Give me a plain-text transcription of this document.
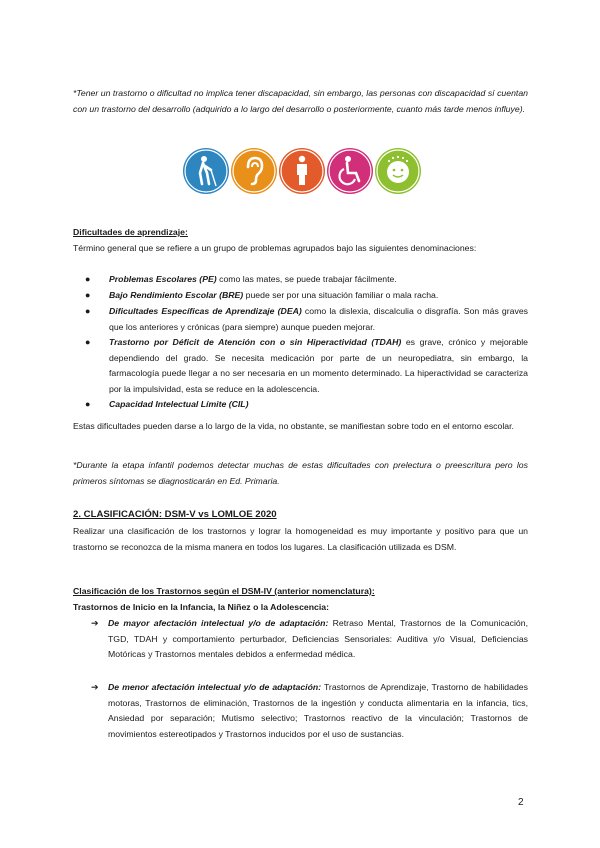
*Tener un trastorno o dificultad no implica tener discapacidad, sin embargo, las personas con discapacidad sí cuentan con un trastorno del desarrollo (adquirido a lo largo del desarrollo o posteriormente, cuanto más tarde menos influye).
Dificultades de aprendizaje:
Término general que se refiere a un grupo de problemas agrupados bajo las siguientes denominaciones:
●	Problemas Escolares (PE) como las mates, se puede trabajar fácilmente.
●	Bajo Rendimiento Escolar (BRE) puede ser por una situación familiar o mala racha.
●	Dificultades Específicas de Aprendizaje (DEA) como la dislexia, discalculia o disgrafía. Son más graves que los anteriores y crónicas (para siempre) aunque pueden mejorar.
●	Trastorno por Déficit de Atención con o sin Hiperactividad (TDAH) es grave, crónico y mejorable dependiendo del grado. Se necesita medicación por parte de un neuropediatra, sin embargo, la farmacología puede llegar a no ser necesaria en un momento determinado. La hiperactividad se caracteriza por la impulsividad, esta se reduce en la adolescencia.
●	Capacidad Intelectual Límite (CIL)
Estas dificultades pueden darse a lo largo de la vida, no obstante, se manifiestan sobre todo en el entorno escolar.
*Durante la etapa infantil podemos detectar muchas de estas dificultades con prelectura o preescritura pero los primeros síntomas se diagnosticarán en Ed. Primaria.
2. CLASIFICACIÓN: DSM-V vs LOMLOE 2020
Realizar una clasificación de los trastornos y lograr la homogeneidad es muy importante y positivo para que un trastorno se reconozca de la misma manera en todos los lugares. La clasificación utilizada es DSM.
Clasificación de los Trastornos según el DSM-IV (anterior nomenclatura):
Trastornos de Inicio en la Infancia, la Niñez o la Adolescencia:
➔	De mayor afectación intelectual y/o de adaptación: Retraso Mental, Trastornos de la Comunicación, TGD, TDAH y comportamiento perturbador, Deficiencias Sensoriales: Auditiva y/o Visual, Deficiencias Motóricas y Trastornos mentales debidos a enfermedad médica.
➔	De menor afectación intelectual y/o de adaptación: Trastornos de Aprendizaje, Trastorno de habilidades motoras, Trastornos de eliminación, Trastornos de la ingestión y conducta alimentaria en la infancia, tics, Ansiedad por separación; Mutismo selectivo; Trastornos reactivo de la vinculación; Trastornos de movimientos estereotipados y Trastornos inducidos por el uso de sustancias.
2
